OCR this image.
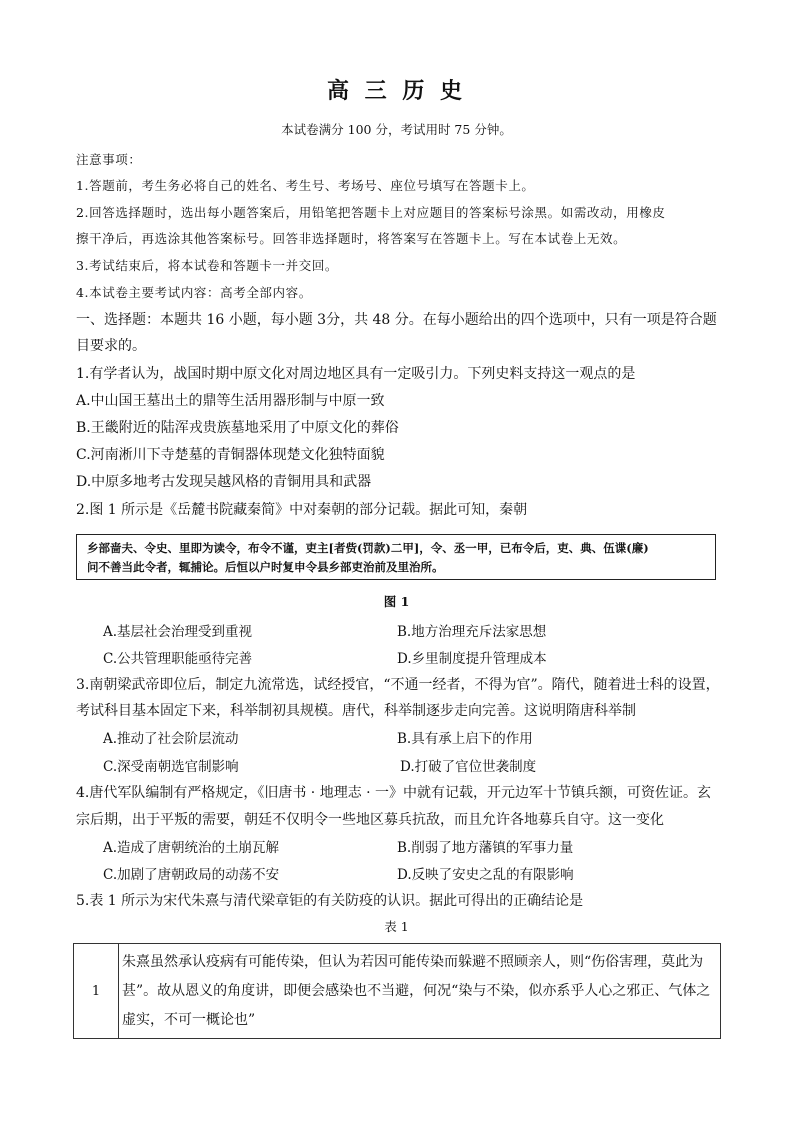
高 三 历 史
本试卷满分 100 分，考试用时 75 分钟。
注意事项：
1.答题前，考生务必将自己的姓名、考生号、考场号、座位号填写在答题卡上。
2.回答选择题时，选出每小题答案后，用铅笔把答题卡上对应题目的答案标号涂黑。如需改动，用橡皮
擦干净后，再选涂其他答案标号。回答非选择题时，将答案写在答题卡上。写在本试卷上无效。
3.考试结束后，将本试卷和答题卡一并交回。
4.本试卷主要考试内容：高考全部内容。
一、选择题：本题共 16 小题，每小题 3分，共 48 分。在每小题给出的四个选项中，只有一项是符合题
目要求的。
1.有学者认为，战国时期中原文化对周边地区具有一定吸引力。下列史料支持这一观点的是
A.中山国王墓出土的鼎等生活用器形制与中原一致
B.王畿附近的陆浑戎贵族墓地采用了中原文化的葬俗
C.河南淅川下寺楚墓的青铜器体现楚文化独特面貌
D.中原多地考古发现吴越风格的青铜用具和武器
2.图 1 所示是《岳麓书院藏秦简》中对秦朝的部分记载。据此可知，秦朝
乡部啬夫、令史、里即为读令，布令不谨，吏主[者赀(罚款)二甲]，令、丞一甲，已布令后，吏、典、伍谍(廉)
问不善当此令者，辄捕论。后恒以户时复申令县乡部吏治前及里治所。
图 1
A.基层社会治理受到重视	B.地方治理充斥法家思想
C.公共管理职能亟待完善	D.乡里制度提升管理成本
3.南朝梁武帝即位后，制定九流常选，试经授官，“不通一经者，不得为官”。隋代，随着进士科的设置，
考试科目基本固定下来，科举制初具规模。唐代，科举制逐步走向完善。这说明隋唐科举制
A.推动了社会阶层流动	B.具有承上启下的作用
C.深受南朝选官制影响	D.打破了官位世袭制度
4.唐代军队编制有严格规定，《旧唐书 · 地理志 · 一》中就有记载，开元边军十节镇兵额，可资佐证。玄
宗后期，出于平叛的需要，朝廷不仅明令一些地区募兵抗敌，而且允许各地募兵自守。这一变化
A.造成了唐朝统治的土崩瓦解	B.削弱了地方藩镇的军事力量
C.加剧了唐朝政局的动荡不安	D.反映了安史之乱的有限影响
5.表 1 所示为宋代朱熹与清代梁章钜的有关防疫的认识。据此可得出的正确结论是
表 1
1
朱熹虽然承认疫病有可能传染，但认为若因可能传染而躲避不照顾亲人，则“伤俗害理，莫此为
甚”。故从恩义的角度讲，即便会感染也不当避，何况“染与不染，似亦系乎人心之邪正、气体之
虚实，不可一概论也”
